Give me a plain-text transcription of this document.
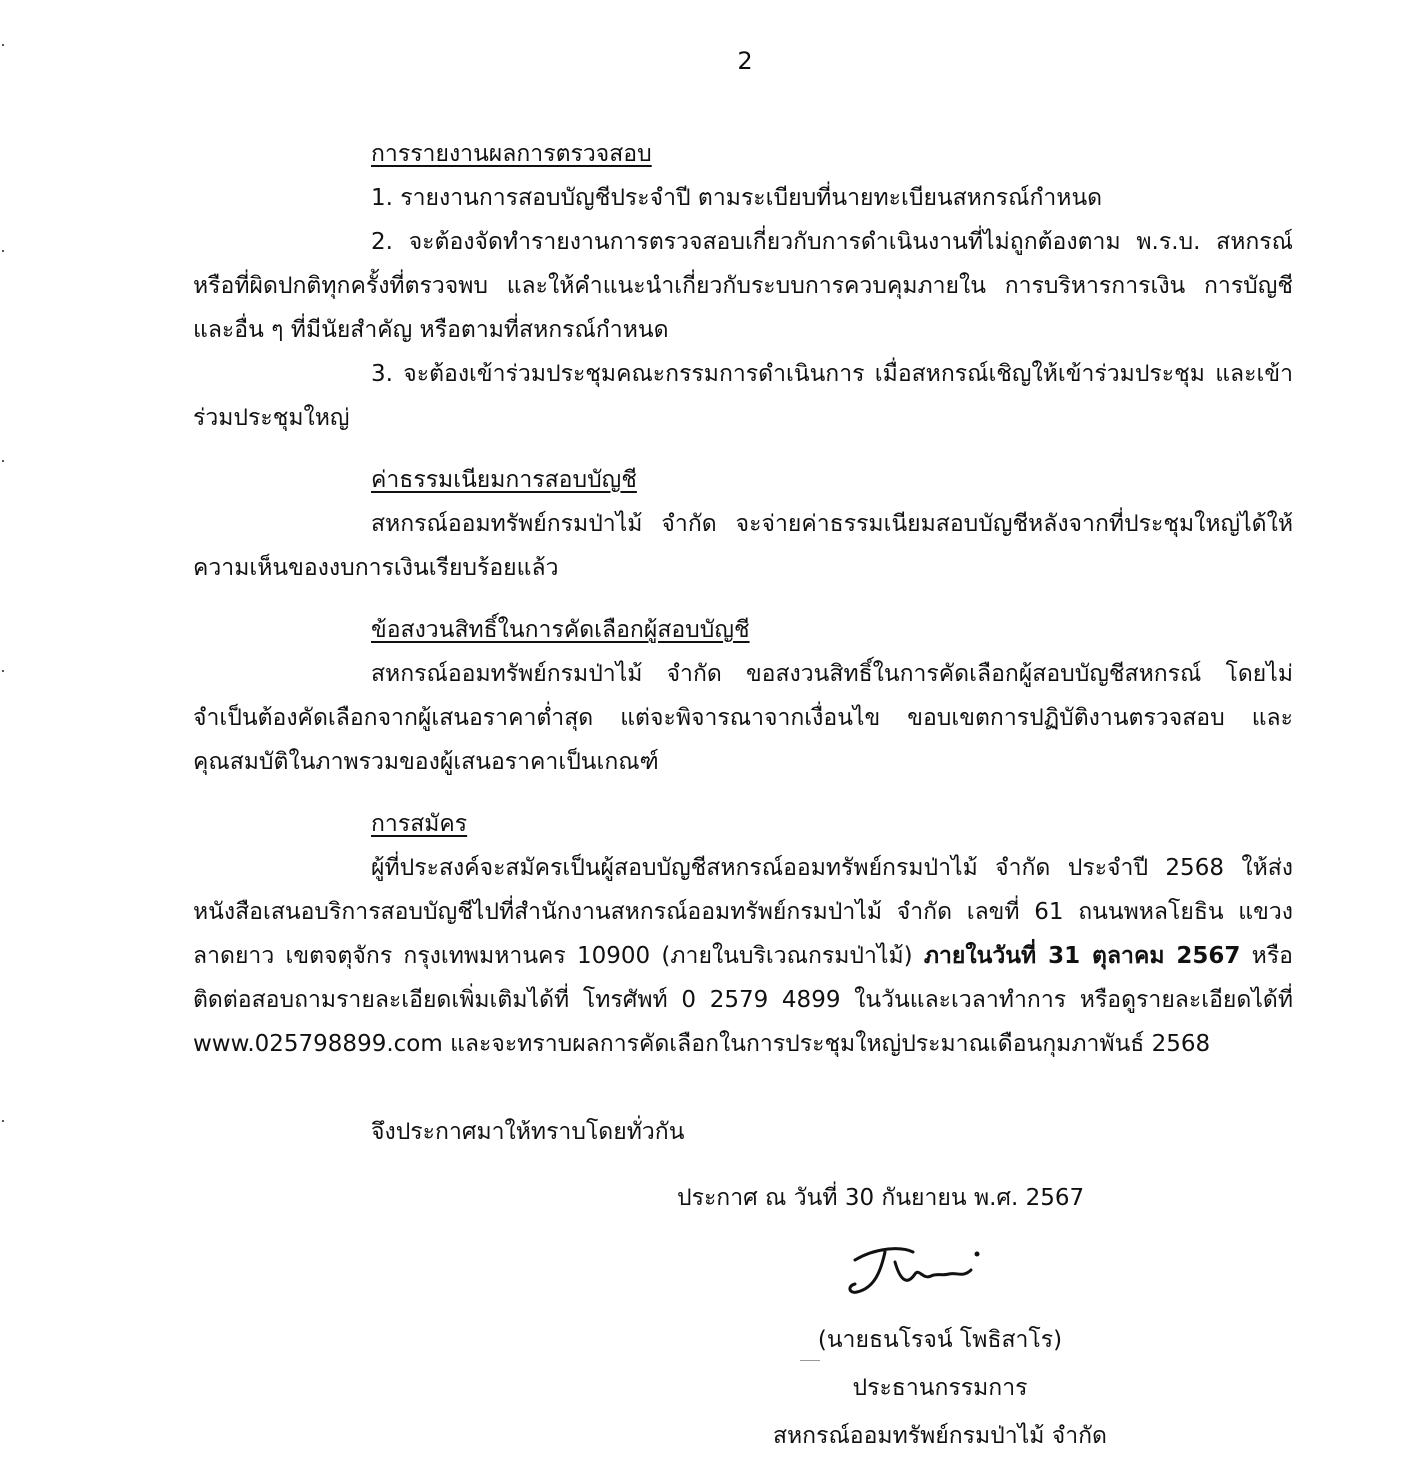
2
การรายงานผลการตรวจสอบ

1. รายงานการสอบบัญชีประจำปี ตามระเบียบที่นายทะเบียนสหกรณ์กำหนด

2. จะต้องจัดทำรายงานการตรวจสอบเกี่ยวกับการดำเนินงานที่ไม่ถูกต้องตาม พ.ร.บ. สหกรณ์ หรือที่ผิดปกติทุกครั้งที่ตรวจพบ และให้คำแนะนำเกี่ยวกับระบบการควบคุมภายใน การบริหารการเงิน การบัญชี และอื่น ๆ ที่มีนัยสำคัญ หรือตามที่สหกรณ์กำหนด

3. จะต้องเข้าร่วมประชุมคณะกรรมการดำเนินการ เมื่อสหกรณ์เชิญให้เข้าร่วมประชุม และเข้าร่วมประชุมใหญ่

ค่าธรรมเนียมการสอบบัญชี

สหกรณ์ออมทรัพย์กรมป่าไม้ จำกัด จะจ่ายค่าธรรมเนียมสอบบัญชีหลังจากที่ประชุมใหญ่ได้ให้ความเห็นของงบการเงินเรียบร้อยแล้ว

ข้อสงวนสิทธิ์ในการคัดเลือกผู้สอบบัญชี

สหกรณ์ออมทรัพย์กรมป่าไม้ จำกัด ขอสงวนสิทธิ์ในการคัดเลือกผู้สอบบัญชีสหกรณ์ โดยไม่จำเป็นต้องคัดเลือกจากผู้เสนอราคาต่ำสุด แต่จะพิจารณาจากเงื่อนไข ขอบเขตการปฏิบัติงานตรวจสอบ และคุณสมบัติในภาพรวมของผู้เสนอราคาเป็นเกณฑ์

การสมัคร

ผู้ที่ประสงค์จะสมัครเป็นผู้สอบบัญชีสหกรณ์ออมทรัพย์กรมป่าไม้ จำกัด ประจำปี 2568 ให้ส่งหนังสือเสนอบริการสอบบัญชีไปที่สำนักงานสหกรณ์ออมทรัพย์กรมป่าไม้ จำกัด เลขที่ 61 ถนนพหลโยธิน แขวงลาดยาว เขตจตุจักร กรุงเทพมหานคร 10900 (ภายในบริเวณกรมป่าไม้) ภายในวันที่ 31 ตุลาคม 2567 หรือติดต่อสอบถามรายละเอียดเพิ่มเติมได้ที่ โทรศัพท์ 0 2579 4899 ในวันและเวลาทำการ หรือดูรายละเอียดได้ที่ www.025798899.com และจะทราบผลการคัดเลือกในการประชุมใหญ่ประมาณเดือนกุมภาพันธ์ 2568

จึงประกาศมาให้ทราบโดยทั่วกัน
ประกาศ ณ วันที่ 30 กันยายน พ.ศ. 2567
(นายธนโรจน์ โพธิสาโร)
ประธานกรรมการ
สหกรณ์ออมทรัพย์กรมป่าไม้ จำกัด
